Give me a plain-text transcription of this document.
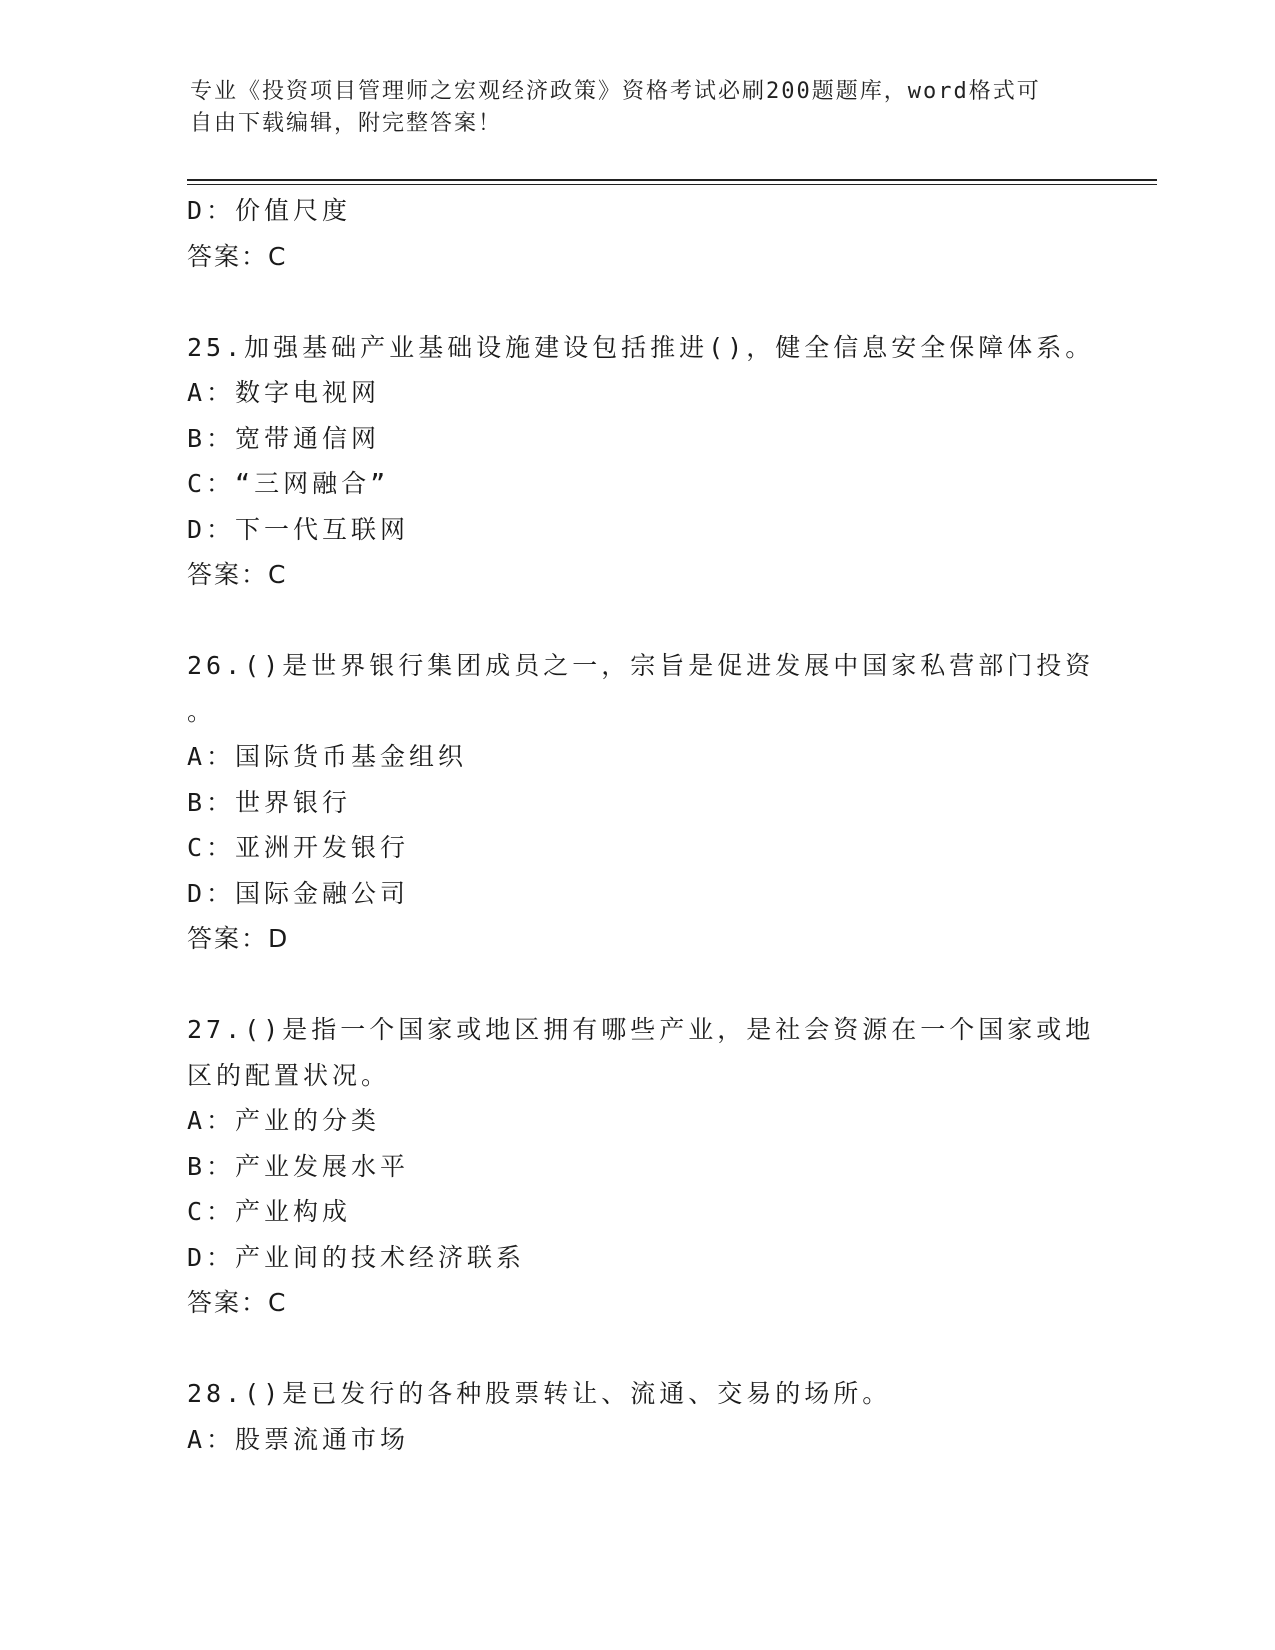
专业《投资项目管理师之宏观经济政策》资格考试必刷200题题库，word格式可
自由下载编辑，附完整答案！
D：价值尺度
答案：C
25.加强基础产业基础设施建设包括推进()，健全信息安全保障体系。
A：数字电视网
B：宽带通信网
C：“三网融合”
D：下一代互联网
答案：C
26.()是世界银行集团成员之一，宗旨是促进发展中国家私营部门投资
。
A：国际货币基金组织
B：世界银行
C：亚洲开发银行
D：国际金融公司
答案：D
27.()是指一个国家或地区拥有哪些产业，是社会资源在一个国家或地
区的配置状况。
A：产业的分类
B：产业发展水平
C：产业构成
D：产业间的技术经济联系
答案：C
28.()是已发行的各种股票转让、流通、交易的场所。
A：股票流通市场
